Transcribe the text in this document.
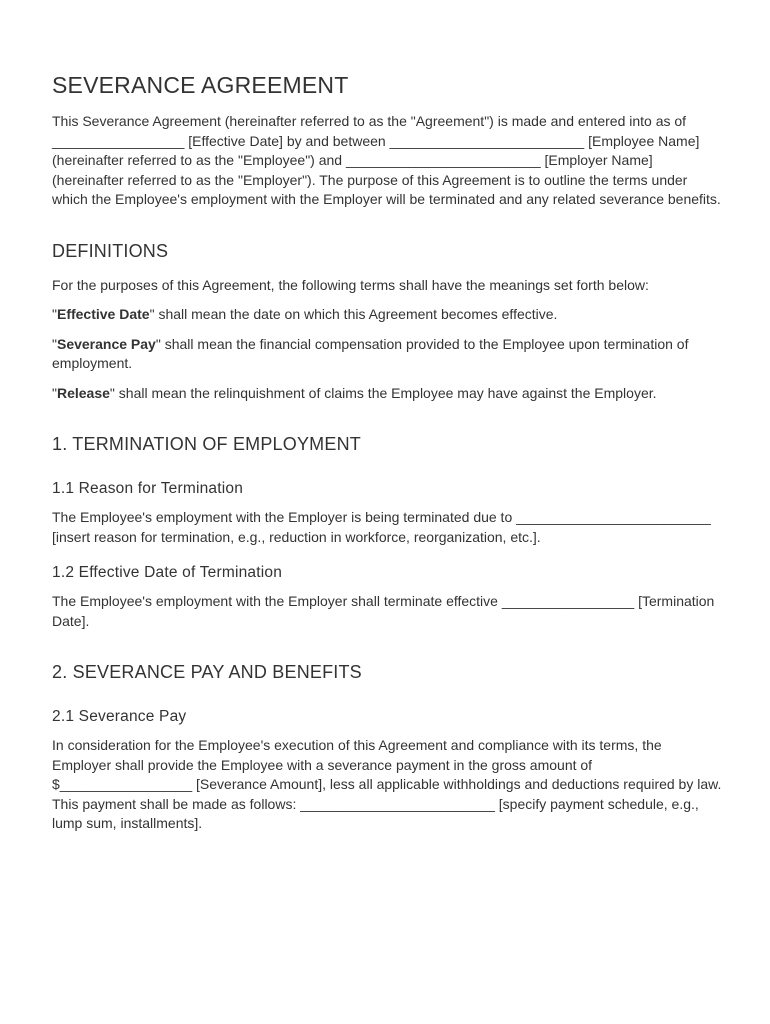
SEVERANCE AGREEMENT

This Severance Agreement (hereinafter referred to as the "Agreement") is made and entered into as of _________________ [Effective Date] by and between _________________________ [Employee Name] (hereinafter referred to as the "Employee") and _________________________ [Employer Name] (hereinafter referred to as the "Employer"). The purpose of this Agreement is to outline the terms under which the Employee's employment with the Employer will be terminated and any related severance benefits.

DEFINITIONS

For the purposes of this Agreement, the following terms shall have the meanings set forth below:

"Effective Date" shall mean the date on which this Agreement becomes effective.

"Severance Pay" shall mean the financial compensation provided to the Employee upon termination of employment.

"Release" shall mean the relinquishment of claims the Employee may have against the Employer.

1. TERMINATION OF EMPLOYMENT
1.1 Reason for Termination

The Employee's employment with the Employer is being terminated due to _________________________ [insert reason for termination, e.g., reduction in workforce, reorganization, etc.].

1.2 Effective Date of Termination

The Employee's employment with the Employer shall terminate effective _________________ [Termination Date].

2. SEVERANCE PAY AND BENEFITS
2.1 Severance Pay

In consideration for the Employee's execution of this Agreement and compliance with its terms, the Employer shall provide the Employee with a severance payment in the gross amount of $_________________ [Severance Amount], less all applicable withholdings and deductions required by law. This payment shall be made as follows: _________________________ [specify payment schedule, e.g., lump sum, installments].
